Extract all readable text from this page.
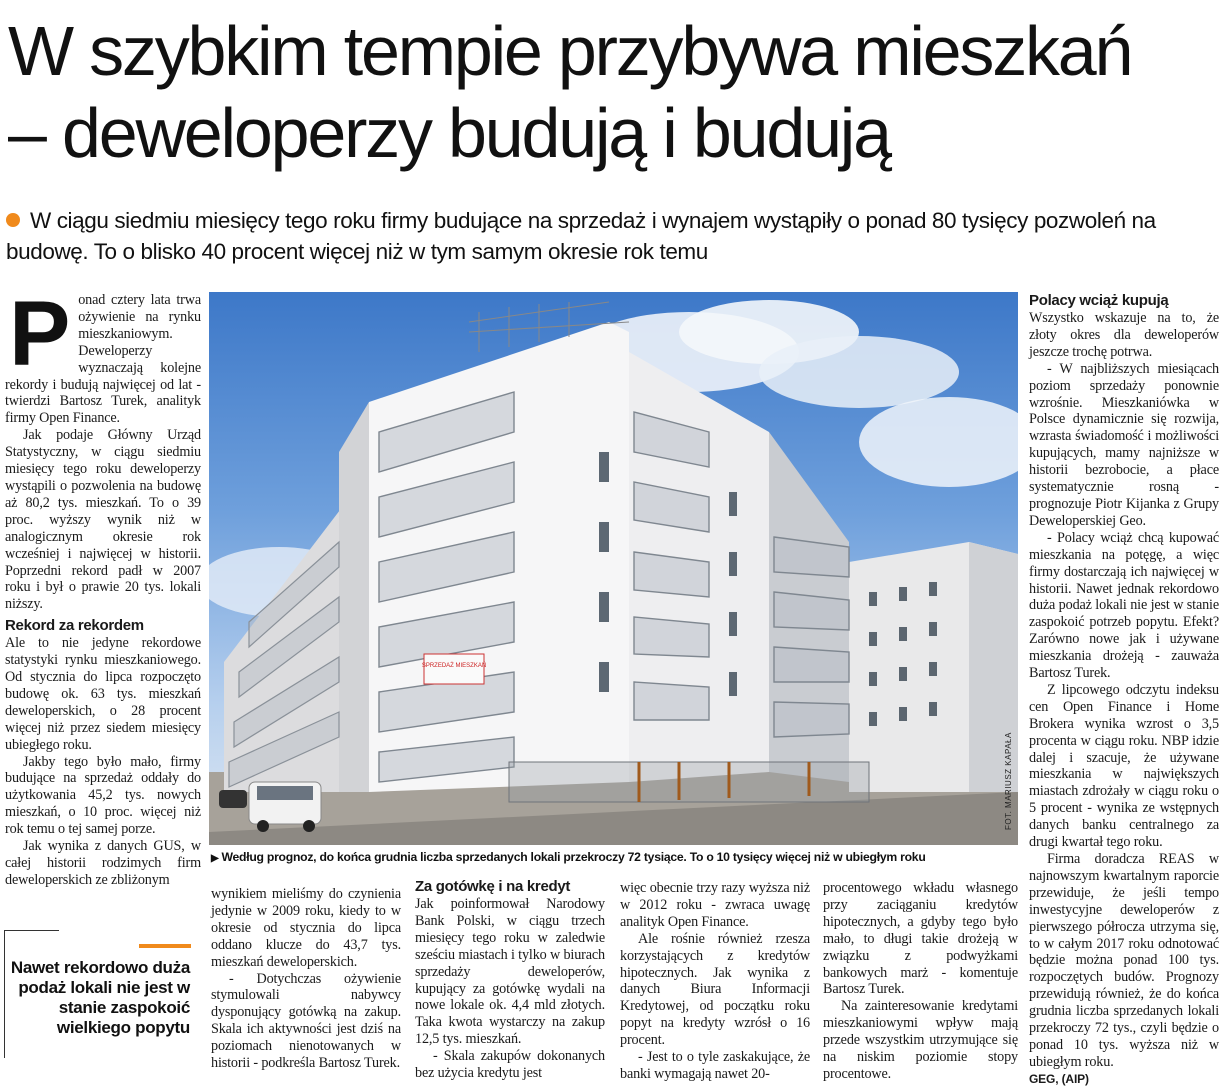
W szybkim tempie przybywa mieszkań
– deweloperzy budują i budują

W ciągu siedmiu miesięcy tego roku firmy budujące na sprzedaż i wynajem wystąpiły o ponad 80 tysięcy pozwoleń na budowę. To o blisko 40 procent więcej niż w tym samym okresie rok temu

P onad cztery lata trwa ożywienie na rynku mieszkaniowym. Deweloperzy wyznaczają kolejne rekordy i budują najwięcej od lat - twierdzi Bartosz Turek, analityk firmy Open Finance.

Jak podaje Główny Urząd Statystyczny, w ciągu siedmiu miesięcy tego roku deweloperzy wystąpili o pozwolenia na budowę aż 80,2 tys. mieszkań. To o 39 proc. wyższy wynik niż w analogicznym okresie rok wcześniej i najwięcej w historii. Poprzedni rekord padł w 2007 roku i był o prawie 20 tys. lokali niższy.

Rekord za rekordem

Ale to nie jedyne rekordowe statystyki rynku mieszkaniowego. Od stycznia do lipca rozpoczęto budowę ok. 63 tys. mieszkań deweloperskich, o 28 procent więcej niż przez siedem miesięcy ubiegłego roku.

Jakby tego było mało, firmy budujące na sprzedaż oddały do użytkowania 45,2 tys. nowych mieszkań, o 10 proc. więcej niż rok temu o tej samej porze.

Jak wynika z danych GUS, w całej historii rodzimych firm deweloperskich ze zbliżonym

Nawet rekordowo duża podaż lokali nie jest w stanie zaspokoić wielkiego popytu
SPRZEDAŻ MIESZKAŃ
FOT. MARIUSZ KAPAŁA
▶ Według prognoz, do końca grudnia liczba sprzedanych lokali przekroczy 72 tysiące. To o 10 tysięcy więcej niż w ubiegłym roku

wynikiem mieliśmy do czynienia jedynie w 2009 roku, kiedy to w okresie od stycznia do lipca oddano klucze do 43,7 tys. mieszkań deweloperskich.

- Dotychczas ożywienie stymulowali nabywcy dysponujący gotówką na zakup. Skala ich aktywności jest dziś na poziomach nienotowanych w historii - podkreśla Bartosz Turek.

Za gotówkę i na kredyt

Jak poinformował Narodowy Bank Polski, w ciągu trzech miesięcy tego roku w zaledwie sześciu miastach i tylko w biurach sprzedaży deweloperów, kupujący za gotówkę wydali na nowe lokale ok. 4,4 mld złotych. Taka kwota wystarczy na zakup 12,5 tys. mieszkań.

- Skala zakupów dokonanych bez użycia kredytu jest

więc obecnie trzy razy wyższa niż w 2012 roku - zwraca uwagę analityk Open Finance.

Ale rośnie również rzesza korzystających z kredytów hipotecznych. Jak wynika z danych Biura Informacji Kredytowej, od początku roku popyt na kredyty wzrósł o 16 procent.

- Jest to o tyle zaskakujące, że banki wymagają nawet 20-

procentowego wkładu własnego przy zaciąganiu kredytów hipotecznych, a gdyby tego było mało, to długi takie drożeją w związku z podwyżkami bankowych marż - komentuje Bartosz Turek.

Na zainteresowanie kredytami mieszkaniowymi wpływ mają przede wszystkim utrzymujące się na niskim poziomie stopy procentowe.

Polacy wciąż kupują

Wszystko wskazuje na to, że złoty okres dla deweloperów jeszcze trochę potrwa.

- W najbliższych miesiącach poziom sprzedaży ponownie wzrośnie. Mieszkaniówka w Polsce dynamicznie się rozwija, wzrasta świadomość i możliwości kupujących, mamy najniższe w historii bezrobocie, a płace systematycznie rosną - prognozuje Piotr Kijanka z Grupy Deweloperskiej Geo.

- Polacy wciąż chcą kupować mieszkania na potęgę, a więc firmy dostarczają ich najwięcej w historii. Nawet jednak rekordowo duża podaż lokali nie jest w stanie zaspokoić potrzeb popytu. Efekt? Zarówno nowe jak i używane mieszkania drożeją - zauważa Bartosz Turek.

Z lipcowego odczytu indeksu cen Open Finance i Home Brokera wynika wzrost o 3,5 procenta w ciągu roku. NBP idzie dalej i szacuje, że używane mieszkania w największych miastach zdrożały w ciągu roku o 5 procent - wynika ze wstępnych danych banku centralnego za drugi kwartał tego roku.

Firma doradcza REAS w najnowszym kwartalnym raporcie przewiduje, że jeśli tempo inwestycyjne deweloperów z pierwszego półrocza utrzyma się, to w całym 2017 roku odnotować będzie można ponad 100 tys. rozpoczętych budów. Prognozy przewidują również, że do końca grudnia liczba sprzedanych lokali przekroczy 72 tys., czyli będzie o ponad 10 tys. wyższa niż w ubiegłym roku.

GEG, (AIP)
